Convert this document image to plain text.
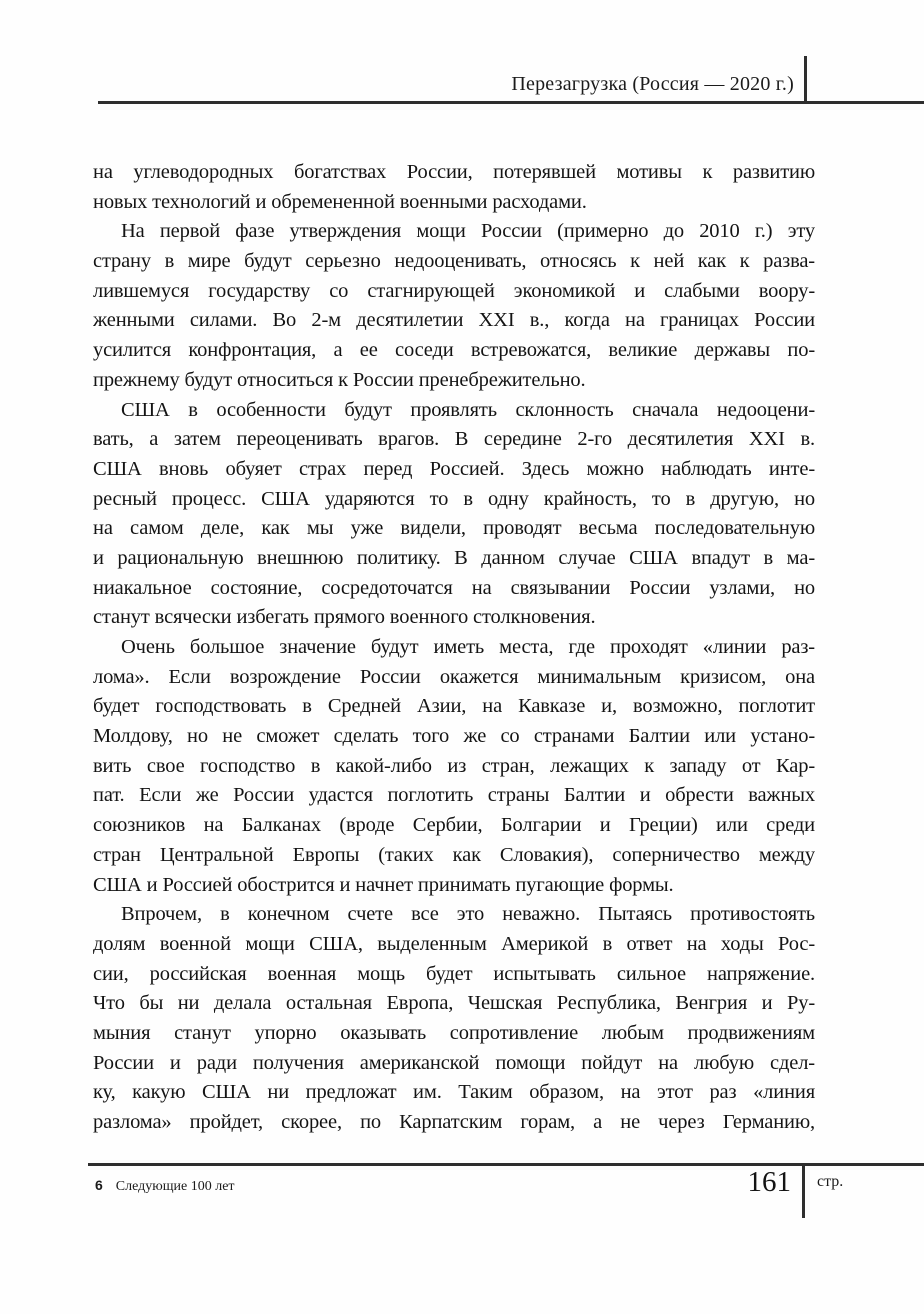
Перезагрузка (Россия — 2020 г.)
на углеводородных богатствах России, потерявшей мотивы к развитию
новых технологий и обремененной военными расходами.
На первой фазе утверждения мощи России (примерно до 2010 г.) эту
страну в мире будут серьезно недооценивать, относясь к ней как к разва-
лившемуся государству со стагнирующей экономикой и слабыми воору-
женными силами. Во 2-м десятилетии XXI в., когда на границах России
усилится конфронтация, а ее соседи встревожатся, великие державы по-
прежнему будут относиться к России пренебрежительно.
США в особенности будут проявлять склонность сначала недооцени-
вать, а затем переоценивать врагов. В середине 2-го десятилетия XXI в.
США вновь обуяет страх перед Россией. Здесь можно наблюдать инте-
ресный процесс. США ударяются то в одну крайность, то в другую, но
на самом деле, как мы уже видели, проводят весьма последовательную
и рациональную внешнюю политику. В данном случае США впадут в ма-
ниакальное состояние, сосредоточатся на связывании России узлами, но
станут всячески избегать прямого военного столкновения.
Очень большое значение будут иметь места, где проходят «линии раз-
лома». Если возрождение России окажется минимальным кризисом, она
будет господствовать в Средней Азии, на Кавказе и, возможно, поглотит
Молдову, но не сможет сделать того же со странами Балтии или устано-
вить свое господство в какой-либо из стран, лежащих к западу от Кар-
пат. Если же России удастся поглотить страны Балтии и обрести важных
союзников на Балканах (вроде Сербии, Болгарии и Греции) или среди
стран Центральной Европы (таких как Словакия), соперничество между
США и Россией обострится и начнет принимать пугающие формы.
Впрочем, в конечном счете все это неважно. Пытаясь противостоять
долям военной мощи США, выделенным Америкой в ответ на ходы Рос-
сии, российская военная мощь будет испытывать сильное напряжение.
Что бы ни делала остальная Европа, Чешская Республика, Венгрия и Ру-
мыния станут упорно оказывать сопротивление любым продвижениям
России и ради получения американской помощи пойдут на любую сдел-
ку, какую США ни предложат им. Таким образом, на этот раз «линия
разлома» пройдет, скорее, по Карпатским горам, а не через Германию,
6 Следующие 100 лет	161 стр.
